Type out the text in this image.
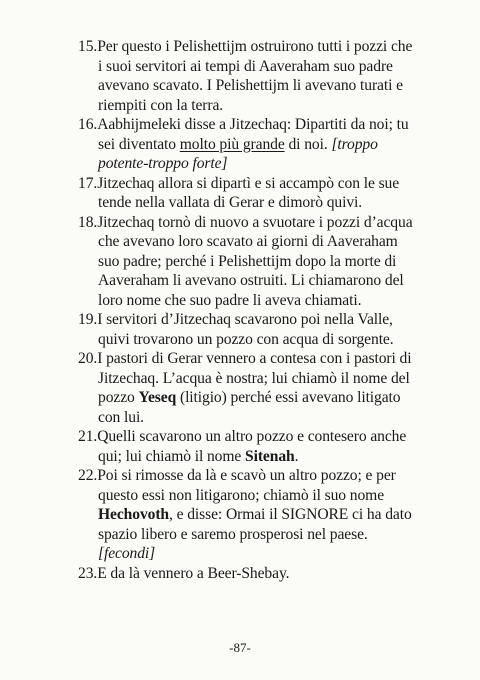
15.Per questo i Pelishettijm ostruirono tutti i pozzi che i suoi servitori ai tempi di Aaveraham suo padre avevano scavato. I Pelishettijm li avevano turati e riempiti con la terra.

16.Aabhijmeleki disse a Jitzechaq: Dipartiti da noi; tu sei diventato molto più grande di noi. [troppo potente-troppo forte]

17.Jitzechaq allora si dipartì e si accampò con le sue tende nella vallata di Gerar e dimorò quivi.

18.Jitzechaq tornò di nuovo a svuotare i pozzi d’acqua che avevano loro scavato ai giorni di Aaveraham suo padre; perché i Pelishettijm dopo la morte di Aaveraham li avevano ostruiti. Li chiamarono del loro nome che suo padre li aveva chiamati.

19.I servitori d’Jitzechaq scavarono poi nella Valle, quivi trovarono un pozzo con acqua di sorgente.

20.I pastori di Gerar vennero a contesa con i pastori di Jitzechaq. L’acqua è nostra; lui chiamò il nome del pozzo Yeseq (litigio) perché essi avevano litigato con lui.

21.Quelli scavarono un altro pozzo e contesero anche qui; lui chiamò il nome Sitenah.

22.Poi si rimosse da là e scavò un altro pozzo; e per questo essi non litigarono; chiamò il suo nome Hechovoth, e disse: Ormai il SIGNORE ci ha dato spazio libero e saremo prosperosi nel paese. [fecondi]

23.E da là vennero a Beer-Shebay.

-87-
